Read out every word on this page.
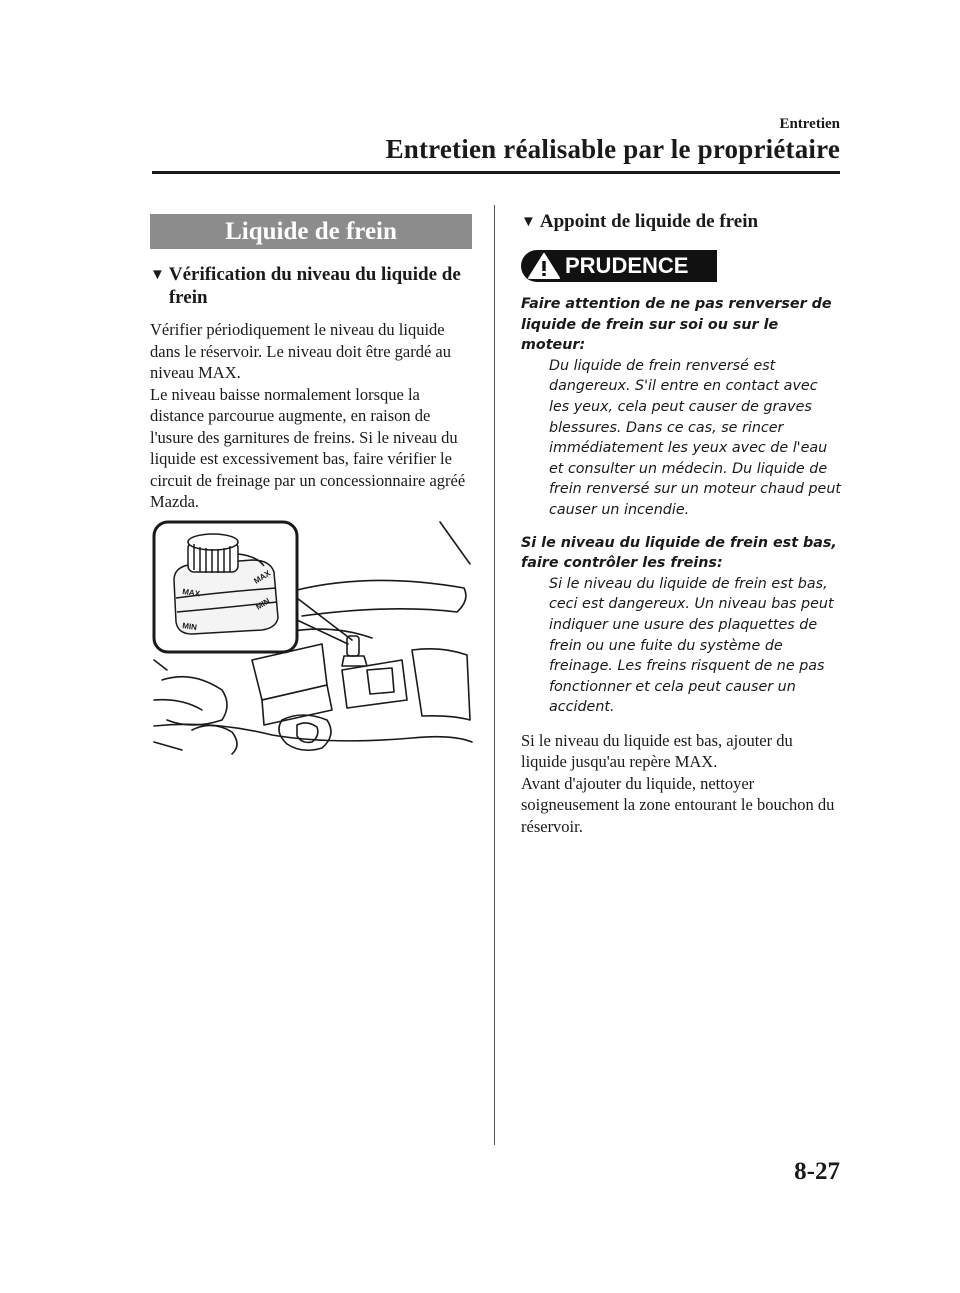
Entretien
Entretien réalisable par le propriétaire
Liquide de frein
▼ Vérification du niveau du liquide de frein

Vérifier périodiquement le niveau du liquide dans le réservoir. Le niveau doit être gardé au niveau MAX.

Le niveau baisse normalement lorsque la distance parcourue augmente, en raison de l'usure des garnitures de freins. Si le niveau du liquide est excessivement bas, faire vérifier le circuit de freinage par un concessionnaire agréé Mazda.

MAX
MIN
MAX
MIN
▼ Appoint de liquide de frein
PRUDENCE
Faire attention de ne pas renverser de liquide de frein sur soi ou sur le moteur:
Du liquide de frein renversé est dangereux. S'il entre en contact avec les yeux, cela peut causer de graves blessures. Dans ce cas, se rincer immédiatement les yeux avec de l'eau et consulter un médecin. Du liquide de frein renversé sur un moteur chaud peut causer un incendie.
Si le niveau du liquide de frein est bas, faire contrôler les freins:
Si le niveau du liquide de frein est bas, ceci est dangereux. Un niveau bas peut indiquer une usure des plaquettes de frein ou une fuite du système de freinage. Les freins risquent de ne pas fonctionner et cela peut causer un accident.

Si le niveau du liquide est bas, ajouter du liquide jusqu'au repère MAX.

Avant d'ajouter du liquide, nettoyer soigneusement la zone entourant le bouchon du réservoir.

8-27
